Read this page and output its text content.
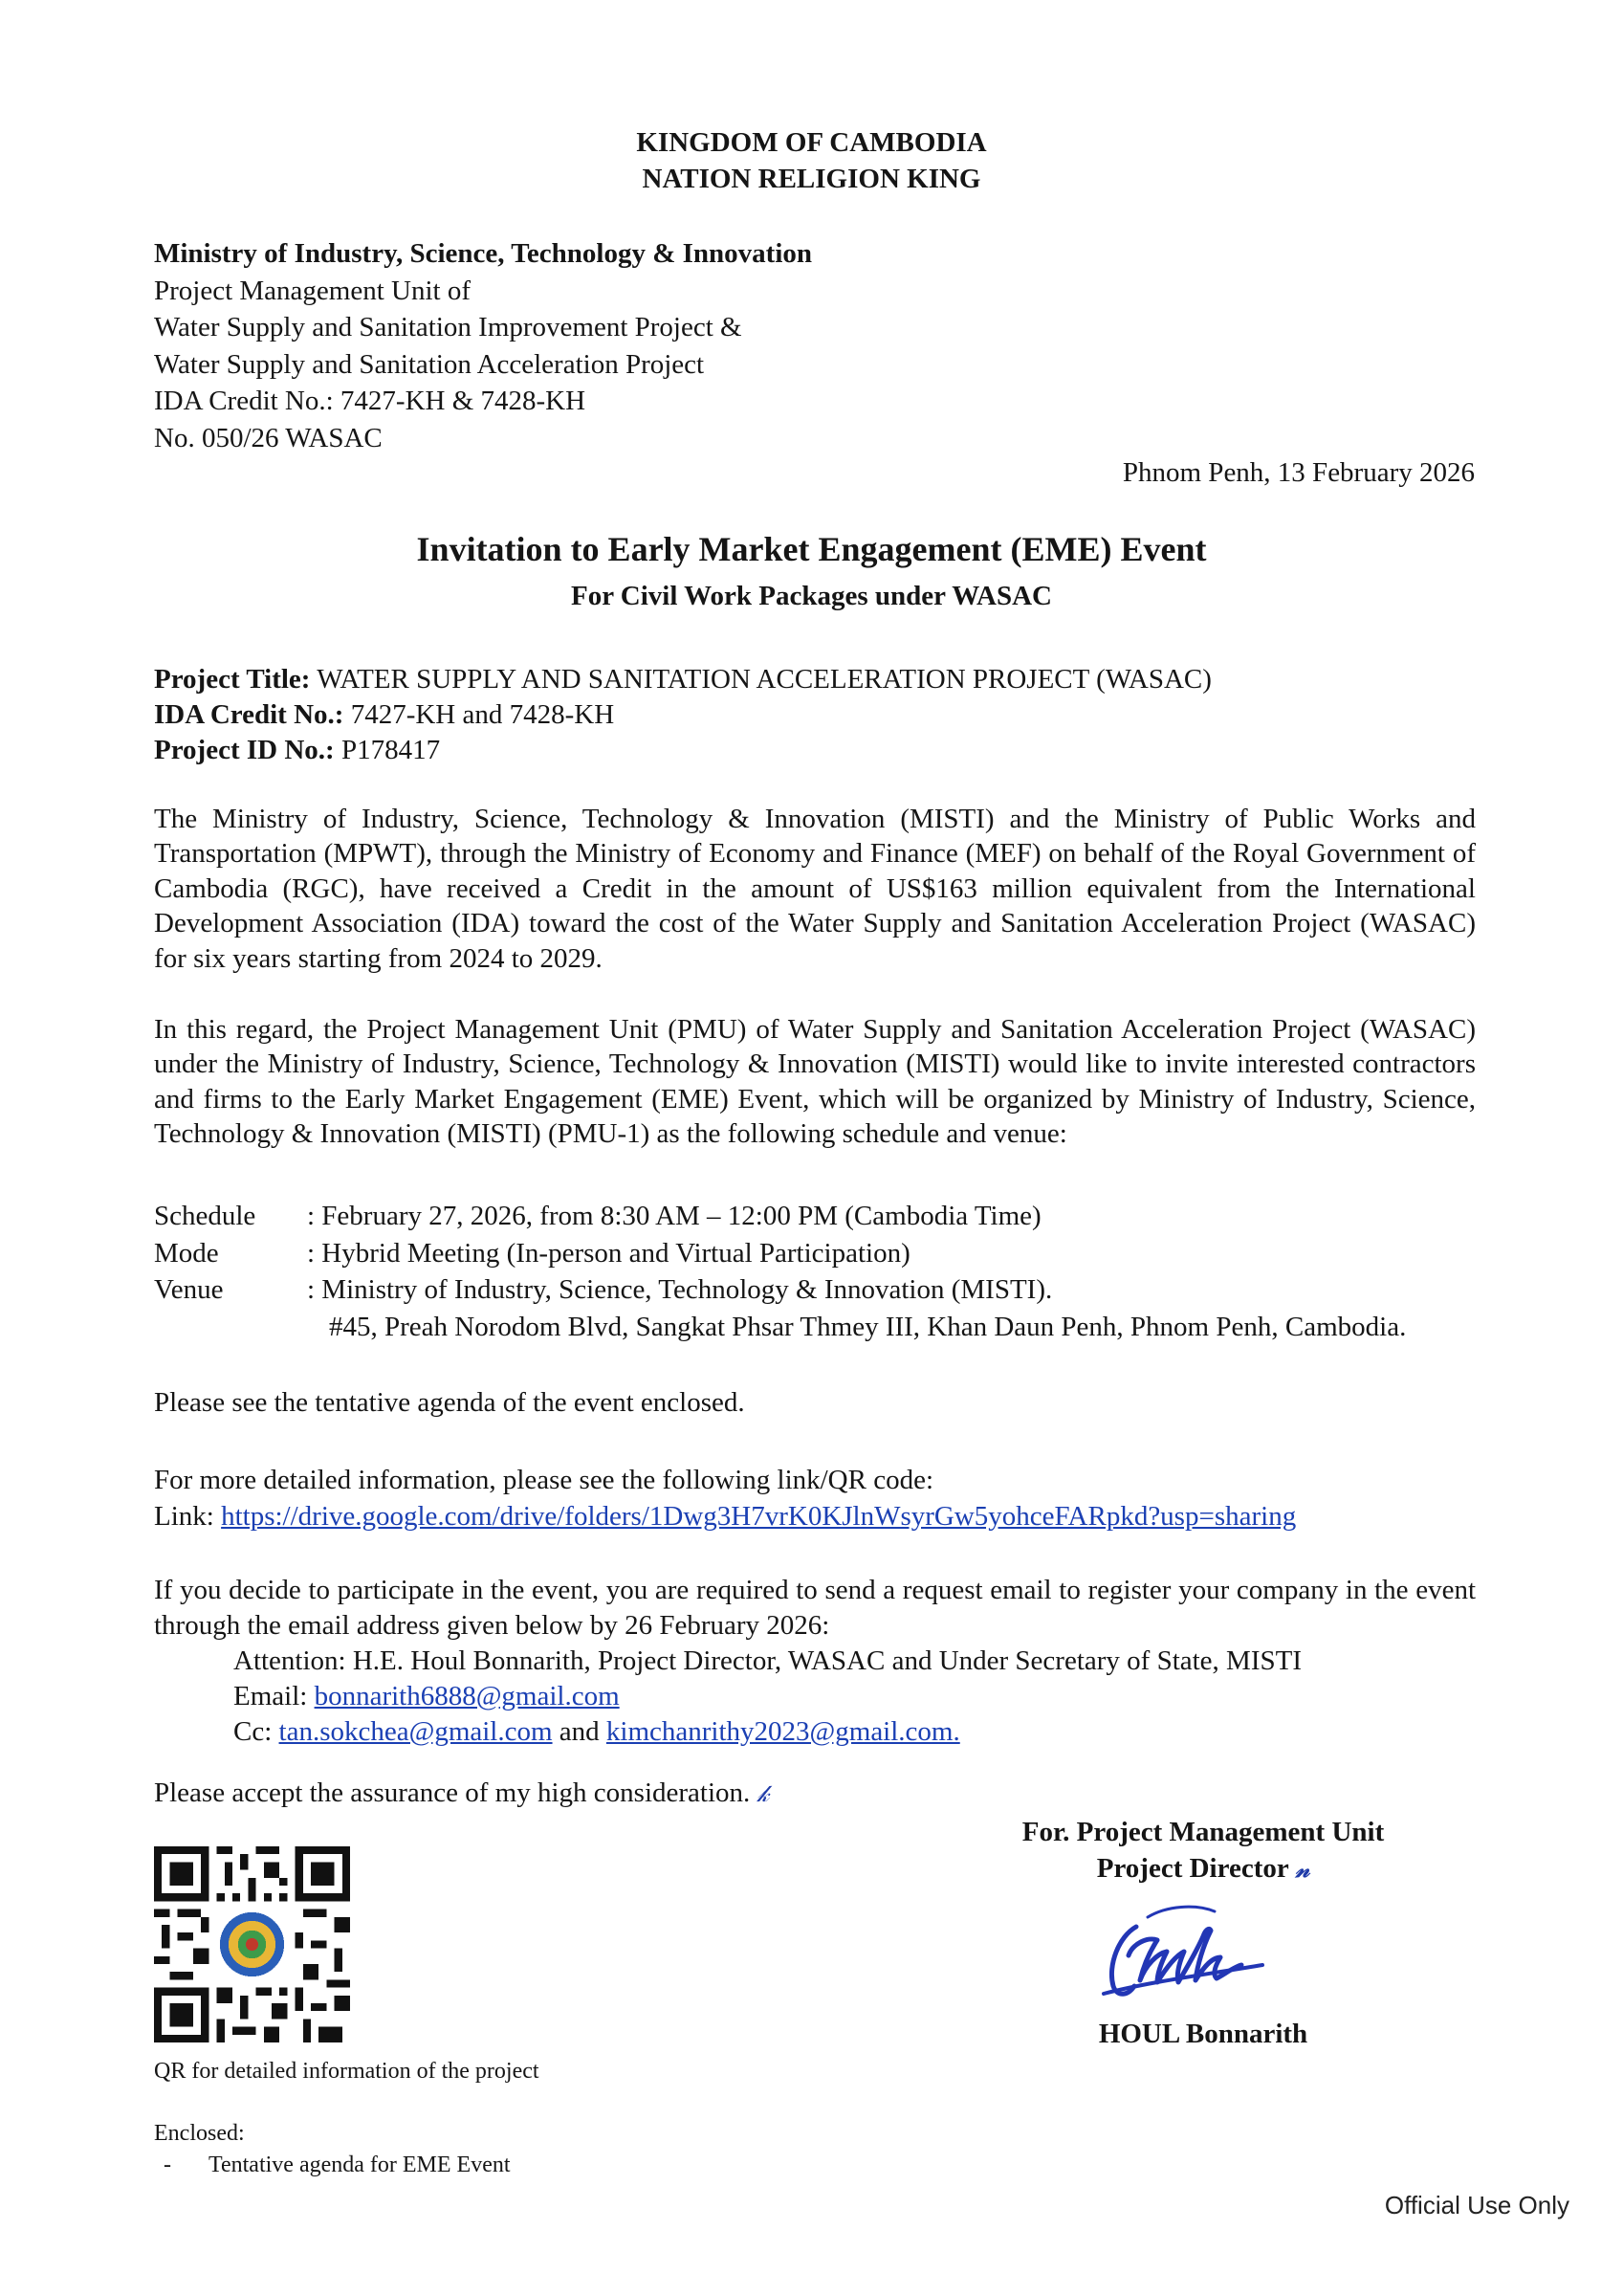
KINGDOM OF CAMBODIA
NATION RELIGION KING
Ministry of Industry, Science, Technology & Innovation
Project Management Unit of
Water Supply and Sanitation Improvement Project &
Water Supply and Sanitation Acceleration Project
IDA Credit No.: 7427-KH & 7428-KH
No. 050/26 WASAC
Phnom Penh, 13 February 2026
Invitation to Early Market Engagement (EME) Event
For Civil Work Packages under WASAC
Project Title: WATER SUPPLY AND SANITATION ACCELERATION PROJECT (WASAC)
IDA Credit No.: 7427-KH and 7428-KH
Project ID No.: P178417
The Ministry of Industry, Science, Technology & Innovation (MISTI) and the Ministry of Public Works and Transportation (MPWT), through the Ministry of Economy and Finance (MEF) on behalf of the Royal Government of Cambodia (RGC), have received a Credit in the amount of US$163 million equivalent from the International Development Association (IDA) toward the cost of the Water Supply and Sanitation Acceleration Project (WASAC) for six years starting from 2024 to 2029.
In this regard, the Project Management Unit (PMU) of Water Supply and Sanitation Acceleration Project (WASAC) under the Ministry of Industry, Science, Technology & Innovation (MISTI) would like to invite interested contractors and firms to the Early Market Engagement (EME) Event, which will be organized by Ministry of Industry, Science, Technology & Innovation (MISTI) (PMU-1) as the following schedule and venue:
Schedule : February 27, 2026, from 8:30 AM – 12:00 PM (Cambodia Time)
Mode	: Hybrid Meeting (In-person and Virtual Participation)
Venue	: Ministry of Industry, Science, Technology & Innovation (MISTI).
#45, Preah Norodom Blvd, Sangkat Phsar Thmey III, Khan Daun Penh, Phnom Penh, Cambodia.
Please see the tentative agenda of the event enclosed.
For more detailed information, please see the following link/QR code:
Link: https://drive.google.com/drive/folders/1Dwg3H7vrK0KJlnWsyrGw5yohceFARpkd?usp=sharing
If you decide to participate in the event, you are required to send a request email to register your company in the event through the email address given below by 26 February 2026:
Attention: H.E. Houl Bonnarith, Project Director, WASAC and Under Secretary of State, MISTI
Email: bonnarith6888@gmail.com
Cc: tan.sokchea@gmail.com and kimchanrithy2023@gmail.com.
Please accept the assurance of my high consideration. 𝓀
For. Project Management Unit
Project Director 𝓃
QR for detailed information of the project
HOUL Bonnarith
Enclosed:
- Tentative agenda for EME Event
Official Use Only
